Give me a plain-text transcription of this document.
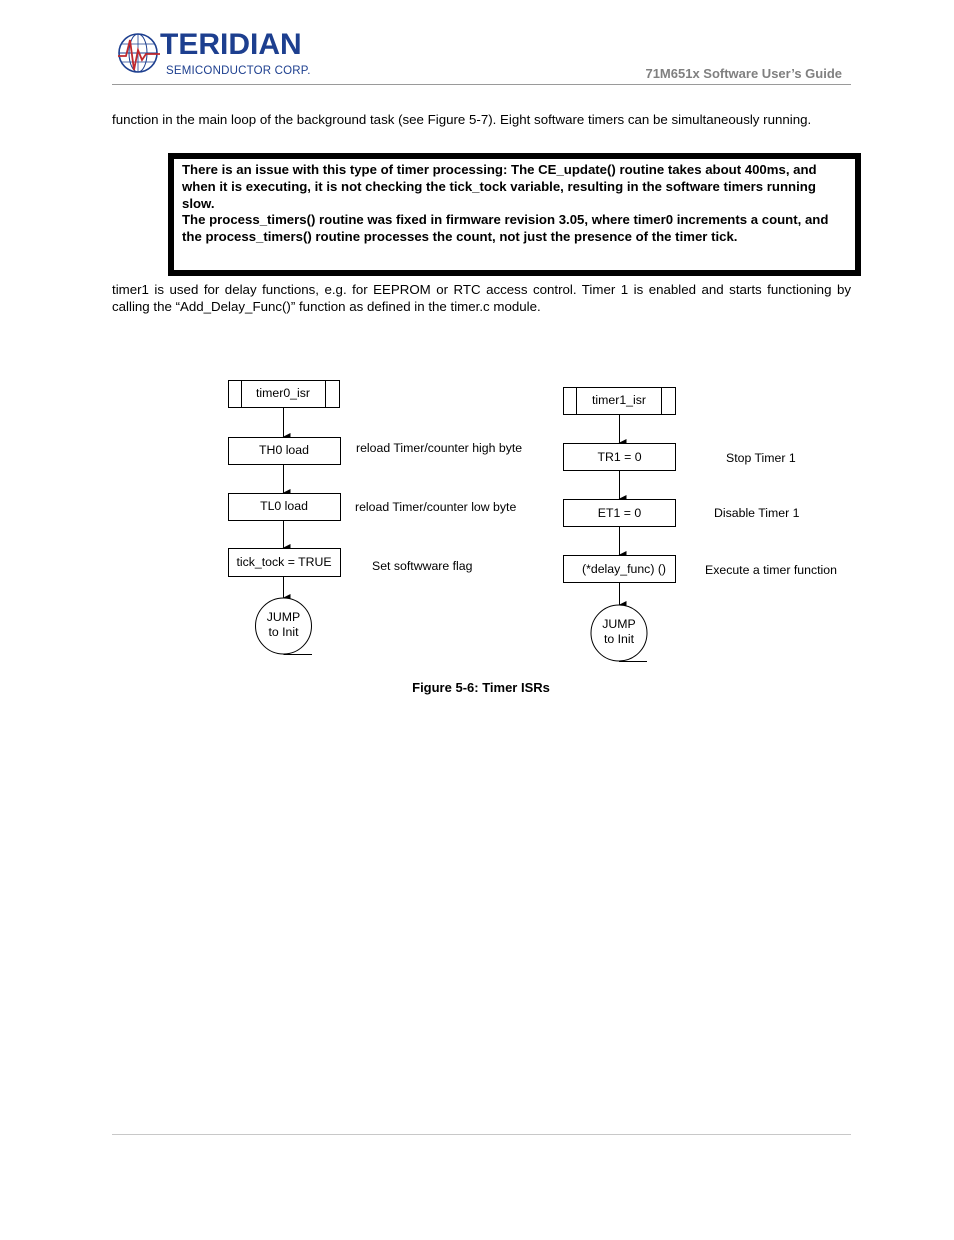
TERIDIAN
SEMICONDUCTOR CORP.	71M651x Software User’s Guide
function in the main loop of the background task (see Figure 5-7). Eight software timers can be simultaneously running.

There is an issue with this type of timer processing: The CE_update() routine takes about 400ms, and when it is executing, it is not checking the tick_tock variable, resulting in the software timers running slow.

The process_timers() routine was fixed in firmware revision 3.05, where timer0 increments a count, and the process_timers() routine processes the count, not just the presence of the timer tick.

timer1 is used for delay functions, e.g. for EEPROM or RTC access control. Timer 1 is enabled and starts functioning by calling the “Add_Delay_Func()” function as defined in the timer.c module.
timer0_isr
TH0 load
TL0 load
tick_tock = TRUE
JUMP
to Init
reload Timer/counter high byte
reload Timer/counter low byte
Set softwware flag
timer1_isr
TR1 = 0
ET1 = 0
(*delay_func) ()
JUMP
to Init
Stop Timer 1
Disable Timer 1
Execute a timer function
Figure 5-6: Timer ISRs
